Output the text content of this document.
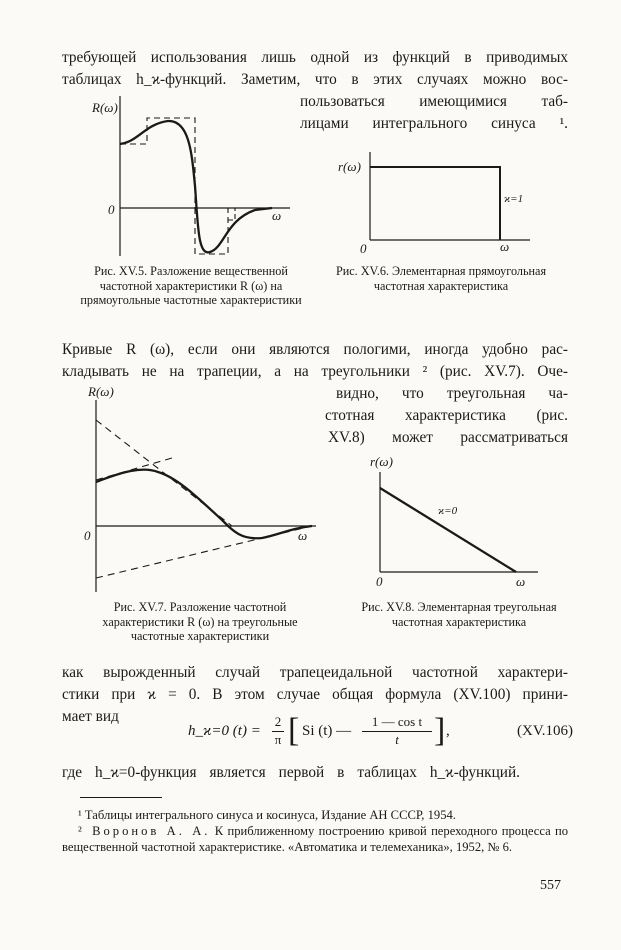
требующей использования лишь одной из функций в приводимых
таблицах h_ϰ-функций. Заметим, что в этих случаях можно вос-
пользоваться имеющимися таб-
лицами интегрального синуса ¹.
R(ω)
0	ω
Рис. XV.5. Разложение вещественной частотной характеристики R (ω) на прямоугольные частотные характеристики
r(ω)
0	ω
ϰ=1
Рис. XV.6. Элементарная прямоугольная частотная характеристика
Кривые R (ω), если они являются пологими, иногда удобно рас-
кладывать не на трапеции, а на треугольники ² (рис. XV.7). Оче-
видно, что треугольная ча-
стотная характеристика (рис.
XV.8) может рассматриваться
R(ω)
0	ω
Рис. XV.7. Разложение частотной характеристики R (ω) на треугольные частотные характеристики
r(ω)
0	ω
ϰ=0
Рис. XV.8. Элементарная треугольная частотная характеристика
как вырожденный случай трапецеидальной частотной характери-
стики при ϰ = 0. В этом случае общая формула (XV.100) прини-
мает вид
h_ϰ=0 (t) =
2
π [ Si (t) —
1 — cos t
t	] ,	(XV.106)
где h_ϰ=0-функция является первой в таблицах h_ϰ-функций.
¹ Таблицы интегрального синуса и косинуса, Издание АН СССР, 1954.
² Воронов А. А. К приближенному построению кривой переходного процесса по вещественной частотной характеристике. «Автоматика и телемеханика», 1952, № 6.
557
